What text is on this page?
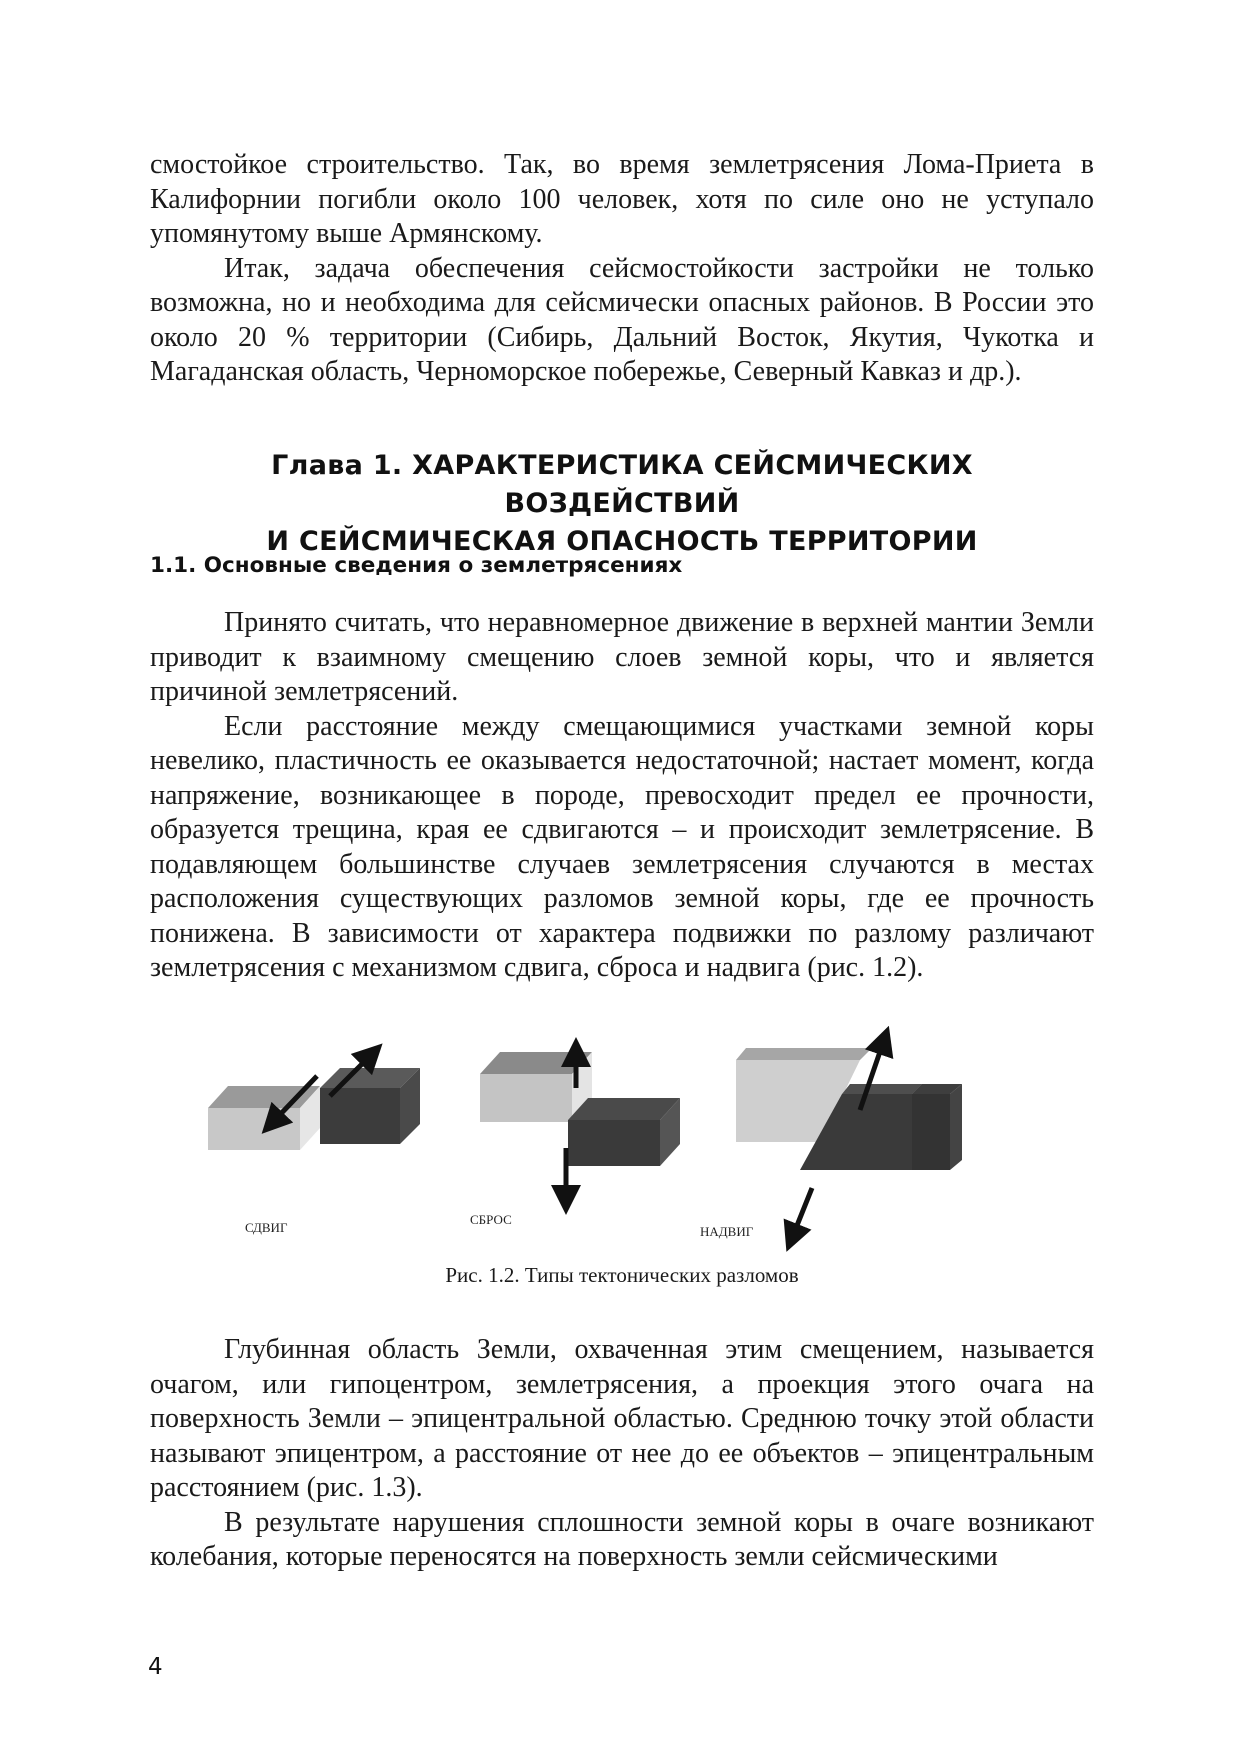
смостойкое строительство. Так, во время землетрясения Лома-Приета в Калифорнии погибли около 100 человек, хотя по силе оно не уступало упомянутому выше Армянскому.

Итак, задача обеспечения сейсмостойкости застройки не только возможна, но и необходима для сейсмически опасных районов. В России это около 20 % территории (Сибирь, Дальний Восток, Якутия, Чукотка и Магаданская область, Черноморское побережье, Северный Кавказ и др.).

Глава 1. ХАРАКТЕРИСТИКА СЕЙСМИЧЕСКИХ ВОЗДЕЙСТВИЙ
И СЕЙСМИЧЕСКАЯ ОПАСНОСТЬ ТЕРРИТОРИИ
1.1. Основные сведения о землетрясениях

Принято считать, что неравномерное движение в верхней мантии Земли приводит к взаимному смещению слоев земной коры, что и является причиной землетрясений.

Если расстояние между смещающимися участками земной коры невелико, пластичность ее оказывается недостаточной; настает момент, когда напряжение, возникающее в породе, превосходит предел ее прочности, образуется трещина, края ее сдвигаются – и происходит землетрясение. В подавляющем большинстве случаев землетрясения случаются в местах расположения существующих разломов земной коры, где ее прочность понижена. В зависимости от характера подвижки по разлому различают землетрясения с механизмом сдвига, сброса и надвига (рис. 1.2).

СДВИГ
СБРОС
НАДВИГ
Рис. 1.2. Типы тектонических разломов

Глубинная область Земли, охваченная этим смещением, называется очагом, или гипоцентром, землетрясения, а проекция этого очага на поверхность Земли – эпицентральной областью. Среднюю точку этой области называют эпицентром, а расстояние от нее до ее объектов – эпицентральным расстоянием (рис. 1.3).

В результате нарушения сплошности земной коры в очаге возникают колебания, которые переносятся на поверхность земли сейсмическими

4
